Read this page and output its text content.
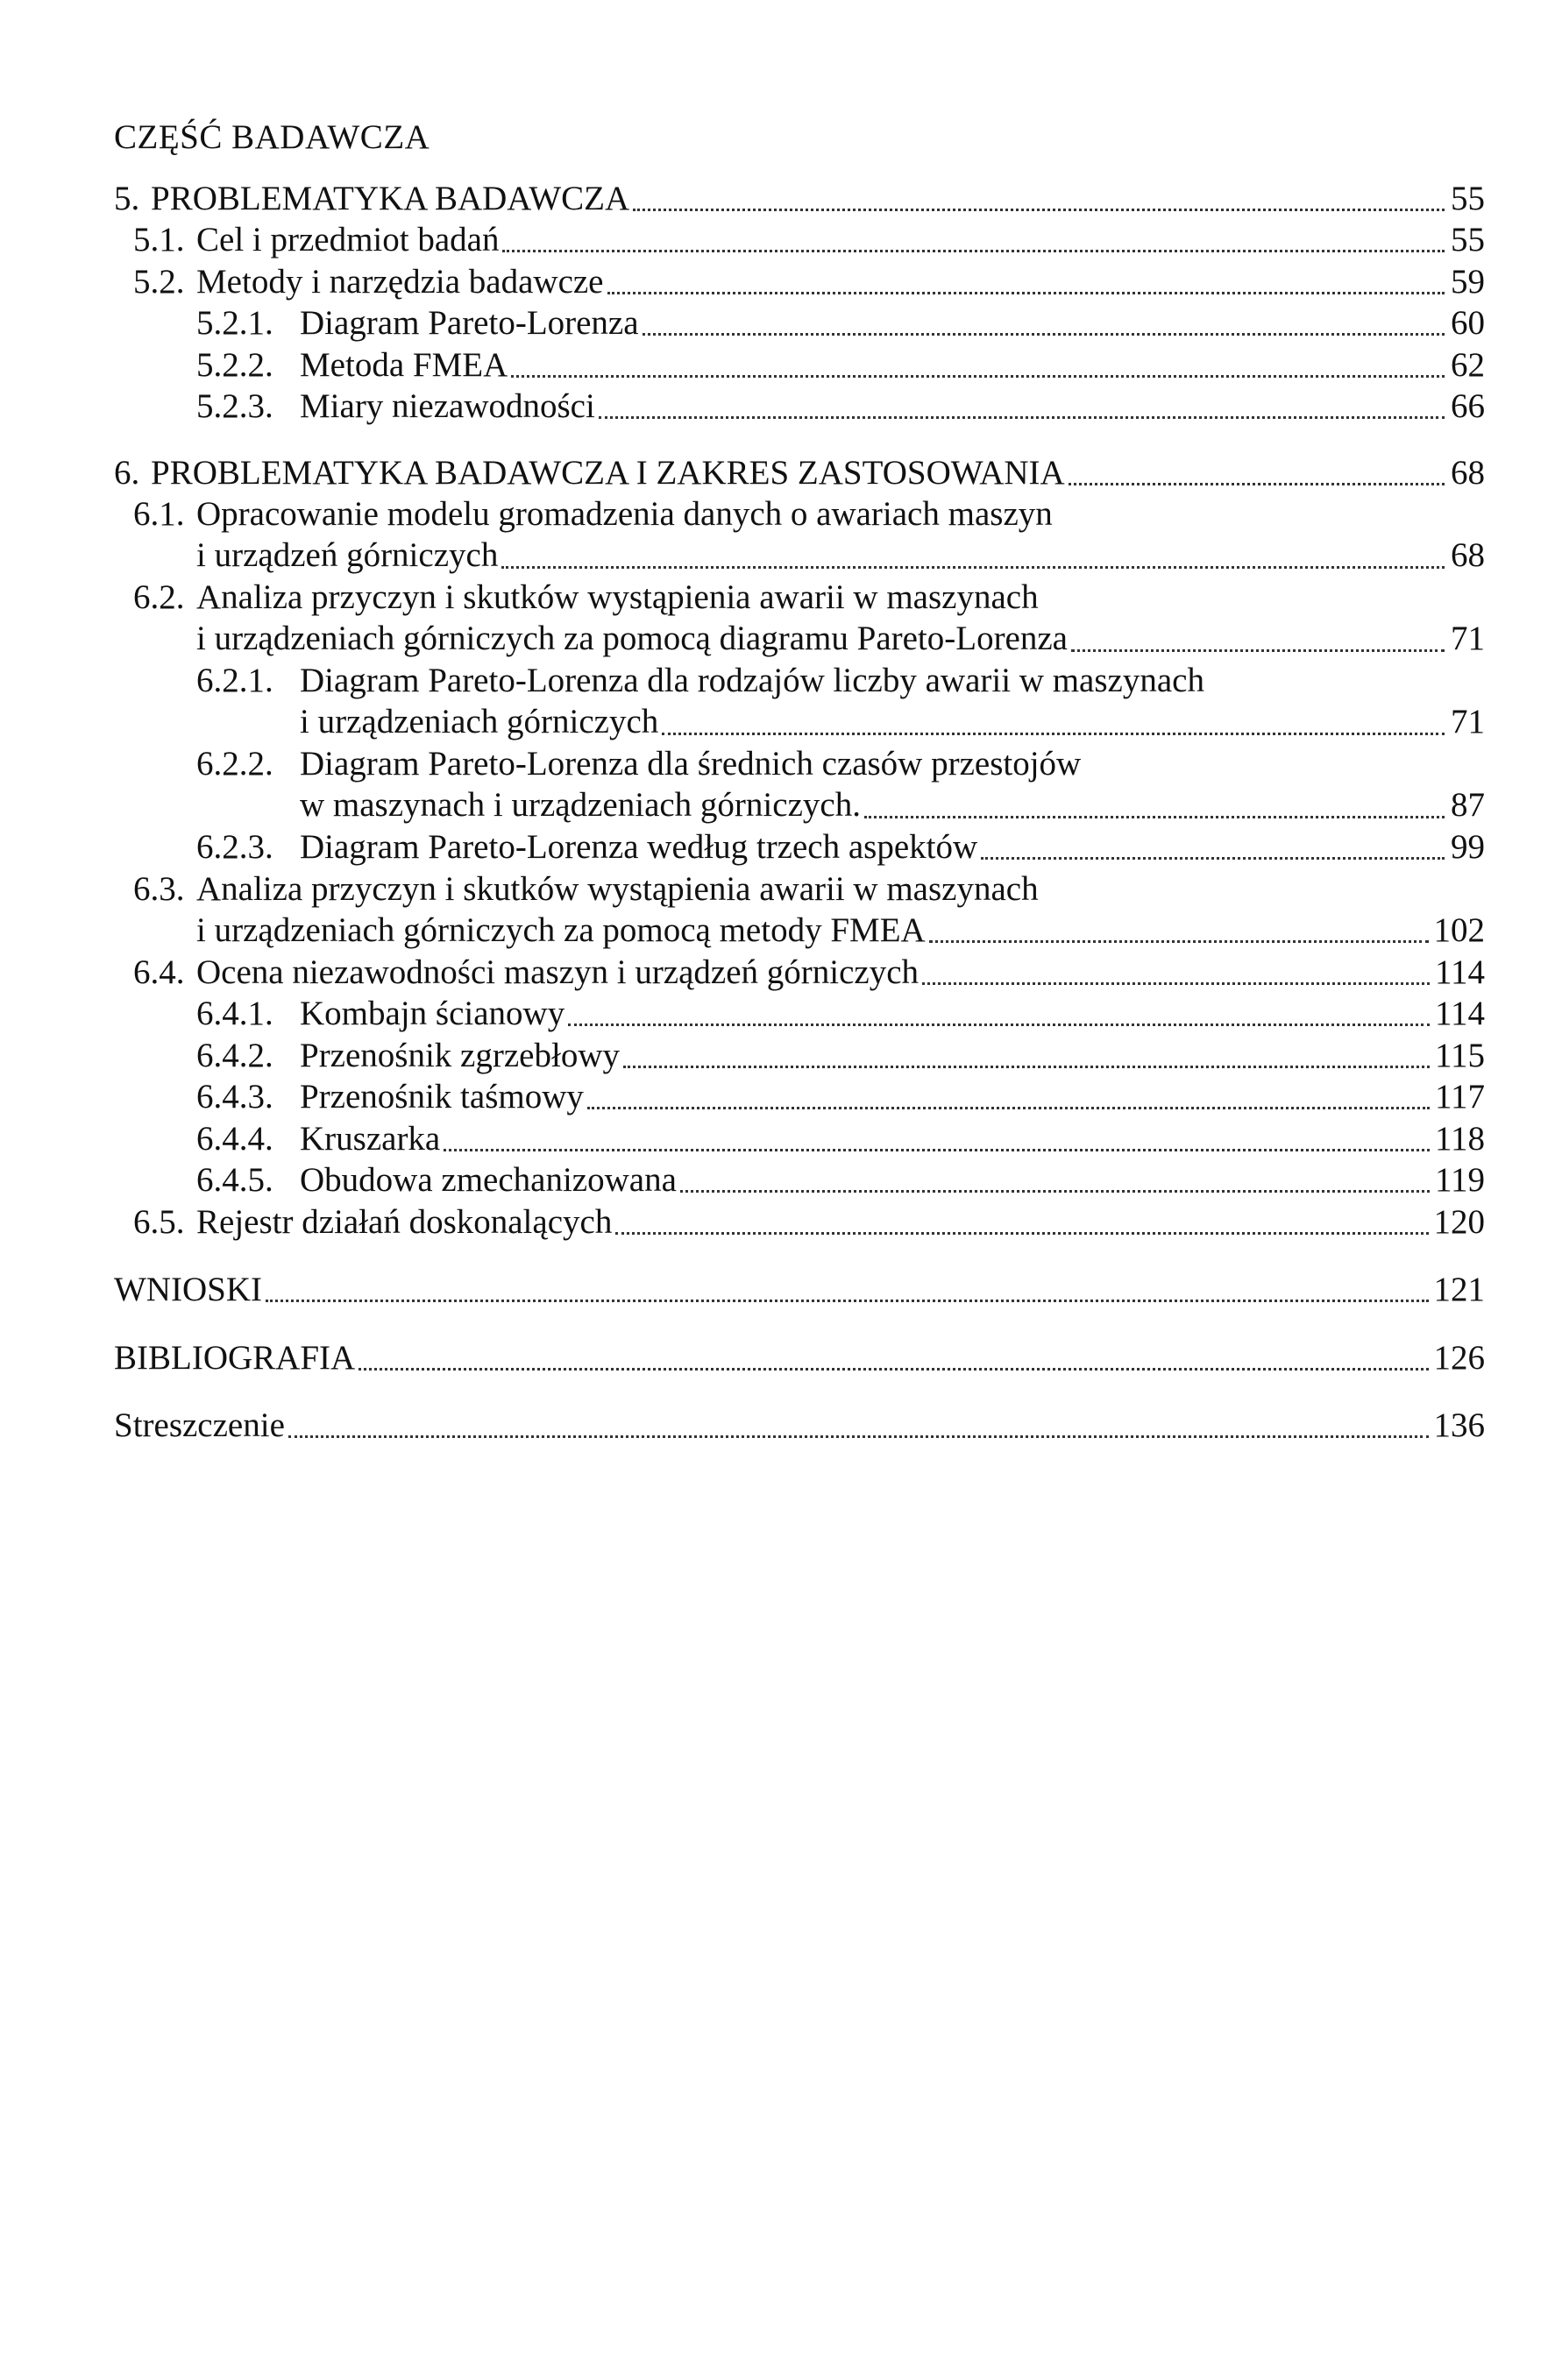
CZĘŚĆ BADAWCZA
5. PROBLEMATYKA BADAWCZA	55
5.1. Cel i przedmiot badań	55
5.2. Metody i narzędzia badawcze	59
5.2.1. Diagram Pareto-Lorenza	60
5.2.2. Metoda FMEA	62
5.2.3. Miary niezawodności	66
6. PROBLEMATYKA BADAWCZA I ZAKRES ZASTOSOWANIA	68
6.1. Opracowanie modelu gromadzenia danych o awariach maszyn
i urządzeń górniczych	68
6.2. Analiza przyczyn i skutków wystąpienia awarii w maszynach
i urządzeniach górniczych za pomocą diagramu Pareto-Lorenza	71
6.2.1. Diagram Pareto-Lorenza dla rodzajów liczby awarii w maszynach
i urządzeniach górniczych	71
6.2.2. Diagram Pareto-Lorenza dla średnich czasów przestojów
w maszynach i urządzeniach górniczych.	87
6.2.3. Diagram Pareto-Lorenza według trzech aspektów	99
6.3. Analiza przyczyn i skutków wystąpienia awarii w maszynach
i urządzeniach górniczych za pomocą metody FMEA	102
6.4. Ocena niezawodności maszyn i urządzeń górniczych	114
6.4.1. Kombajn ścianowy	114
6.4.2. Przenośnik zgrzebłowy	115
6.4.3. Przenośnik taśmowy	117
6.4.4. Kruszarka	118
6.4.5. Obudowa zmechanizowana	119
6.5. Rejestr działań doskonalących	120
WNIOSKI	121
BIBLIOGRAFIA	126
Streszczenie	136
